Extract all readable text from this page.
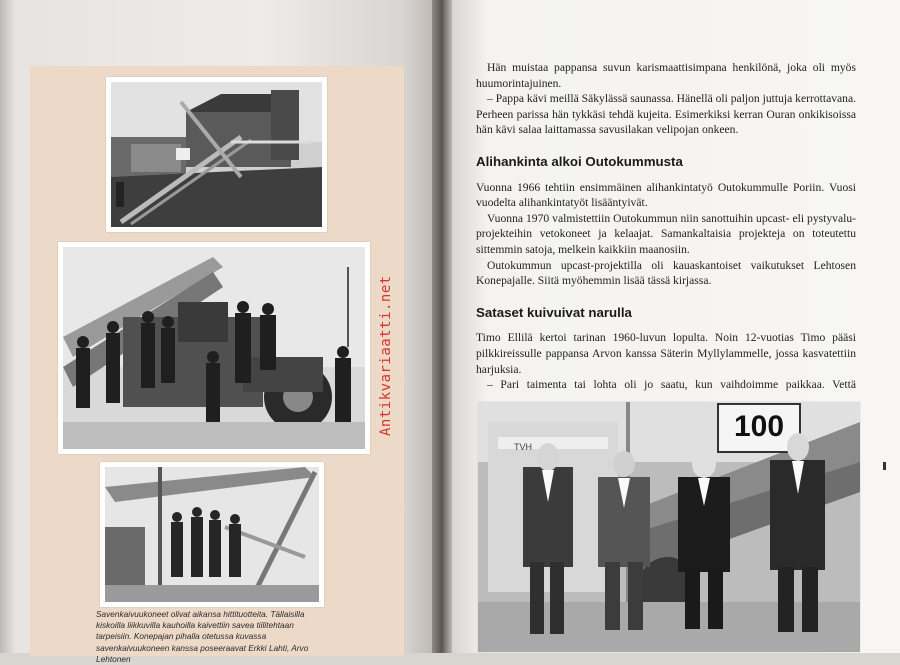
Savenkaivuukoneet olivat aikansa hittituotteita. Tällaisilla kiskoilla liikkuvilla kauhoilla kaivettiin savea tiilitehtaan tarpeisiin. Konepajan pihalla otetussa kuvassa savenkaivuukoneen kanssa poseeraavat Erkki Lahti, Arvo Lehtonen
Antikvariaatti.net

Hän muistaa pappansa suvun karismaattisimpana henkilönä, joka oli myös huumorintajuinen.

– Pappa kävi meillä Säkylässä saunassa. Hänellä oli paljon juttuja kerrottavana. Perheen parissa hän tykkäsi tehdä kujeita. Esimerkiksi kerran Ouran onkikisoissa hän kävi salaa laittamassa savusilakan velipojan onkeen.

Alihankinta alkoi Outokummusta

Vuonna 1966 tehtiin ensimmäinen alihankintatyö Outokummulle Poriin. Vuosi vuodelta alihankintatyöt lisääntyivät.

Vuonna 1970 valmistettiin Outokummun niin sanottuihin upcast- eli pystyvalu-projekteihin vetokoneet ja kelaajat. Samankaltaisia projekteja on toteutettu sittemmin satoja, melkein kaikkiin maanosiin.

Outokummun upcast-projektilla oli kauaskantoiset vaikutukset Lehtosen Konepajalle. Siitä myöhemmin lisää tässä kirjassa.

Sataset kuivuivat narulla

Timo Ellilä kertoi tarinan 1960-luvun lopulta. Noin 12-vuotias Timo pääsi pilkkireissulle pappansa Arvon kanssa Säterin Myllylammelle, jossa kasvatettiin harjuksia.

– Pari taimenta tai lohta oli jo saatu, kun vaihdoimme paikkaa. Vettä

100
TVH
